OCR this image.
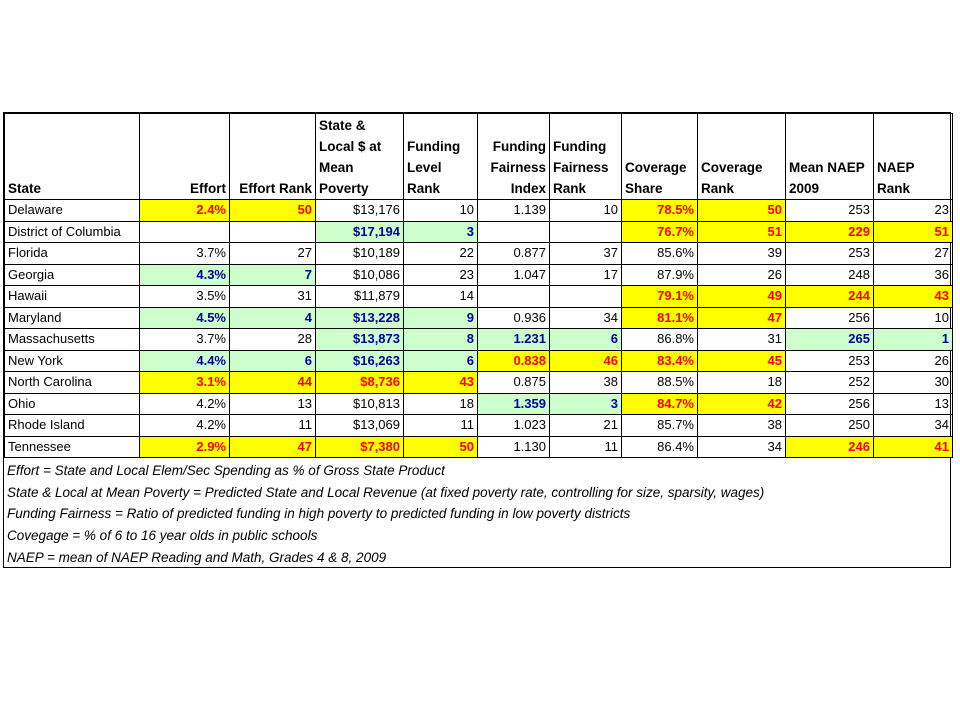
State	Effort	Effort Rank	State & Local $ at Mean Poverty	Funding Level Rank	Funding Fairness Index	Funding Fairness Rank	Coverage Share	Coverage Rank	Mean NAEP 2009	NAEP Rank
Delaware	2.4%	50	$13,176	10	1.139	10	78.5%	50	253	23
District of Columbia			$17,194	3			76.7%	51	229	51
Florida	3.7%	27	$10,189	22	0.877	37	85.6%	39	253	27
Georgia	4.3%	7	$10,086	23	1.047	17	87.9%	26	248	36
Hawaii	3.5%	31	$11,879	14			79.1%	49	244	43
Maryland	4.5%	4	$13,228	9	0.936	34	81.1%	47	256	10
Massachusetts	3.7%	28	$13,873	8	1.231	6	86.8%	31	265	1
New York	4.4%	6	$16,263	6	0.838	46	83.4%	45	253	26
North Carolina	3.1%	44	$8,736	43	0.875	38	88.5%	18	252	30
Ohio	4.2%	13	$10,813	18	1.359	3	84.7%	42	256	13
Rhode Island	4.2%	11	$13,069	11	1.023	21	85.7%	38	250	34
Tennessee	2.9%	47	$7,380	50	1.130	11	86.4%	34	246	41
Effort = State and Local Elem/Sec Spending as % of Gross State Product
State & Local at Mean Poverty = Predicted State and Local Revenue (at fixed poverty rate, controlling for size, sparsity, wages)
Funding Fairness = Ratio of predicted funding in high poverty to predicted funding in low poverty districts
Covegage = % of 6 to 16 year olds in public schools
NAEP = mean of NAEP Reading and Math, Grades 4 & 8, 2009
